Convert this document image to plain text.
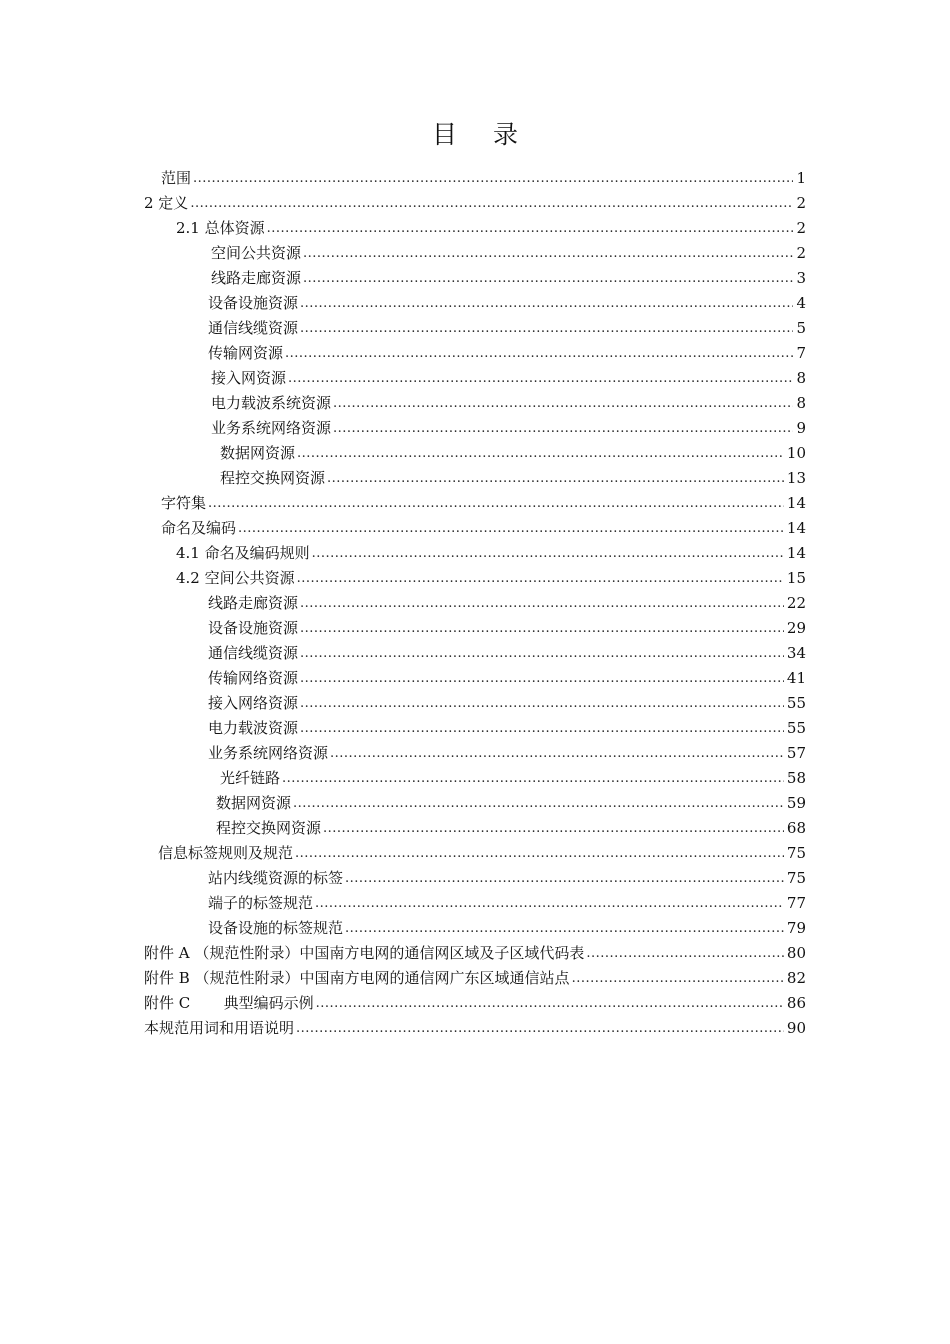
目 录
范围 .....	1
2 定义 .....	2
2.1 总体资源 .....	2
空间公共资源 .....	2
线路走廊资源 .....	3
设备设施资源 .....	4
通信线缆资源 .....	5
传输网资源 .....	7
接入网资源 .....	8
电力载波系统资源 .....	8
业务系统网络资源 .....	9
数据网资源 .....	10
程控交换网资源 .....	13
字符集 .....	14
命名及编码 .....	14
4.1 命名及编码规则 .....	14
4.2 空间公共资源 .....	15
线路走廊资源 .....	22
设备设施资源 .....	29
通信线缆资源 .....	34
传输网络资源 .....	41
接入网络资源 .....	55
电力载波资源 .....	55
业务系统网络资源 .....	57
光纤链路 .....	58
数据网资源 .....	59
程控交换网资源 .....	68
信息标签规则及规范 .....	75
站内线缆资源的标签 .....	75
端子的标签规范 .....	77
设备设施的标签规范 .....	79
附件 A （规范性附录）中国南方电网的通信网区域及子区域代码表 .....	80
附件 B （规范性附录）中国南方电网的通信网广东区域通信站点 .....	82
附件 C       典型编码示例 .....	86
本规范用词和用语说明 .....	90
